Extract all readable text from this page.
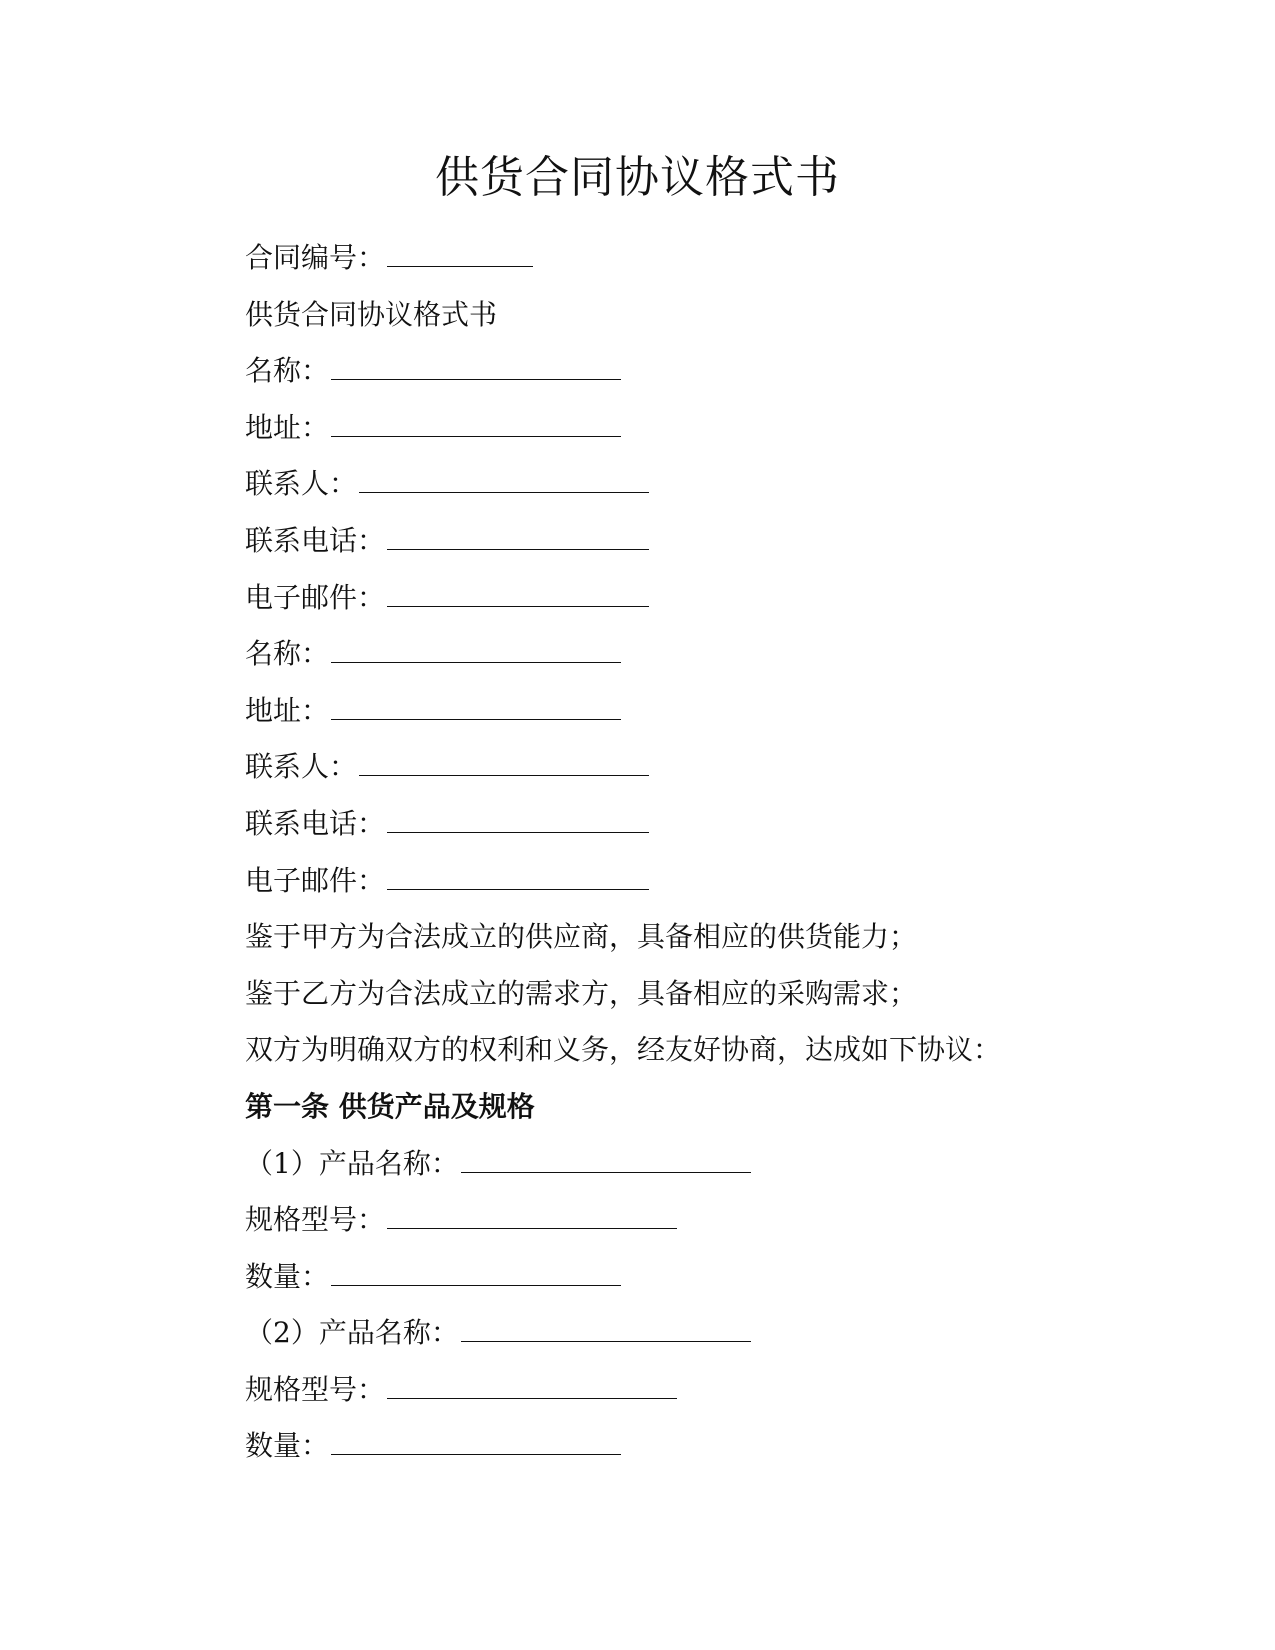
供货合同协议格式书
合同编号：
供货合同协议格式书
名称：
地址：
联系人：
联系电话：
电子邮件：
名称：
地址：
联系人：
联系电话：
电子邮件：
鉴于甲方为合法成立的供应商，具备相应的供货能力；
鉴于乙方为合法成立的需求方，具备相应的采购需求；
双方为明确双方的权利和义务，经友好协商，达成如下协议：
第一条 供货产品及规格
（1）产品名称：
规格型号：
数量：
（2）产品名称：
规格型号：
数量：
